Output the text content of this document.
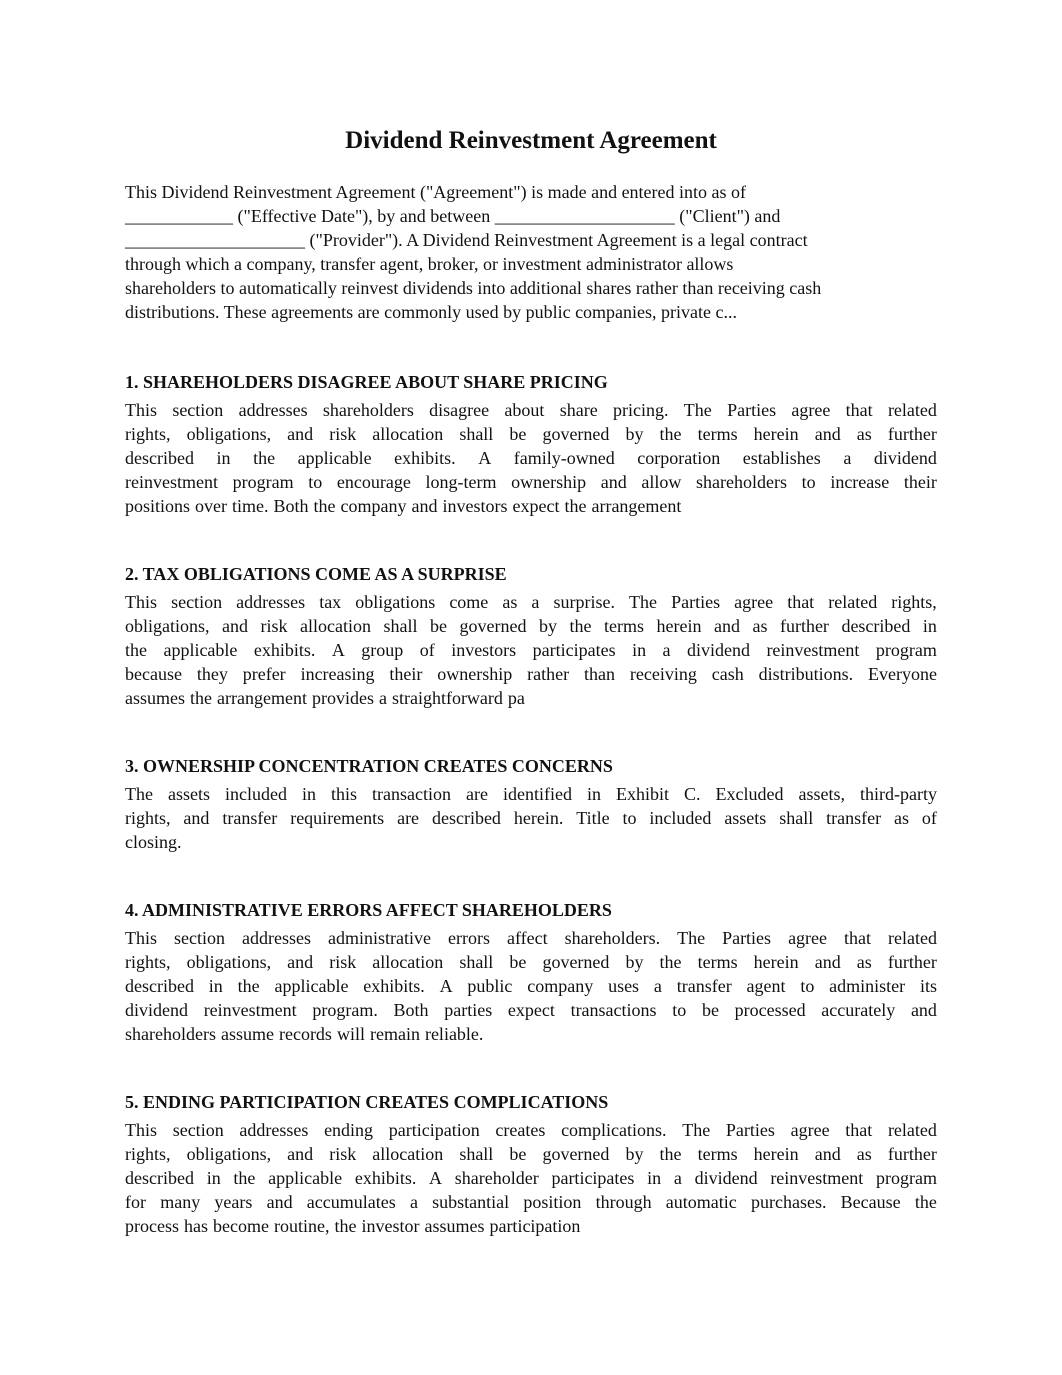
Dividend Reinvestment Agreement
This Dividend Reinvestment Agreement ("Agreement") is made and entered into as of
____________ ("Effective Date"), by and between ____________________ ("Client") and
____________________ ("Provider"). A Dividend Reinvestment Agreement is a legal contract
through which a company, transfer agent, broker, or investment administrator allows
shareholders to automatically reinvest dividends into additional shares rather than receiving cash
distributions. These agreements are commonly used by public companies, private c...
1. SHAREHOLDERS DISAGREE ABOUT SHARE PRICING
This section addresses shareholders disagree about share pricing. The Parties agree that related
rights, obligations, and risk allocation shall be governed by the terms herein and as further
described in the applicable exhibits. A family-owned corporation establishes a dividend
reinvestment program to encourage long-term ownership and allow shareholders to increase their
positions over time. Both the company and investors expect the arrangement
2. TAX OBLIGATIONS COME AS A SURPRISE
This section addresses tax obligations come as a surprise. The Parties agree that related rights,
obligations, and risk allocation shall be governed by the terms herein and as further described in
the applicable exhibits. A group of investors participates in a dividend reinvestment program
because they prefer increasing their ownership rather than receiving cash distributions. Everyone
assumes the arrangement provides a straightforward pa
3. OWNERSHIP CONCENTRATION CREATES CONCERNS
The assets included in this transaction are identified in Exhibit C. Excluded assets, third-party
rights, and transfer requirements are described herein. Title to included assets shall transfer as of
closing.
4. ADMINISTRATIVE ERRORS AFFECT SHAREHOLDERS
This section addresses administrative errors affect shareholders. The Parties agree that related
rights, obligations, and risk allocation shall be governed by the terms herein and as further
described in the applicable exhibits. A public company uses a transfer agent to administer its
dividend reinvestment program. Both parties expect transactions to be processed accurately and
shareholders assume records will remain reliable.
5. ENDING PARTICIPATION CREATES COMPLICATIONS
This section addresses ending participation creates complications. The Parties agree that related
rights, obligations, and risk allocation shall be governed by the terms herein and as further
described in the applicable exhibits. A shareholder participates in a dividend reinvestment program
for many years and accumulates a substantial position through automatic purchases. Because the
process has become routine, the investor assumes participation
